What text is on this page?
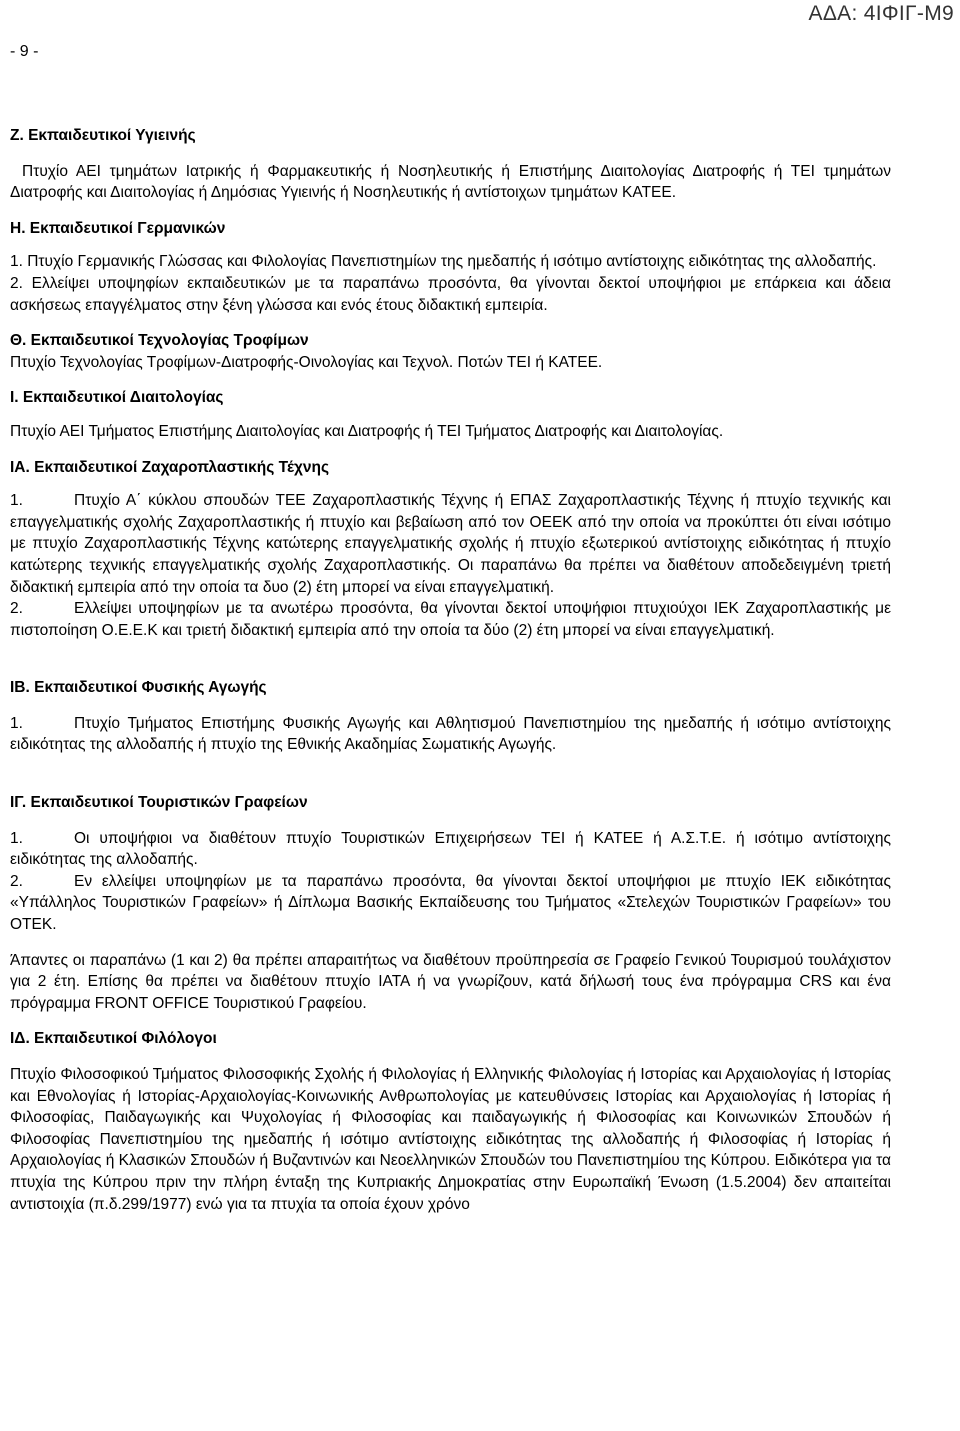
ΑΔΑ: 4ΙΦΙΓ-Μ9
- 9 -

Ζ. Εκπαιδευτικοί Υγιεινής

Πτυχίο ΑΕΙ τμημάτων Ιατρικής ή Φαρμακευτικής ή Νοσηλευτικής ή Επιστήμης Διαιτολογίας Διατροφής ή ΤΕΙ τμημάτων Διατροφής και Διαιτολογίας ή Δημόσιας Υγιεινής ή Νοσηλευτικής ή αντίστοιχων τμημάτων ΚΑΤΕΕ.

Η. Εκπαιδευτικοί Γερμανικών

1. Πτυχίο Γερμανικής Γλώσσας και Φιλολογίας Πανεπιστημίων της ημεδαπής ή ισότιμο αντίστοιχης ειδικότητας της αλλοδαπής.

2. Ελλείψει υποψηφίων εκπαιδευτικών με τα παραπάνω προσόντα, θα γίνονται δεκτοί υποψήφιοι με επάρκεια και άδεια ασκήσεως επαγγέλματος στην ξένη γλώσσα και ενός έτους διδακτική εμπειρία.

Θ. Εκπαιδευτικοί Τεχνολογίας Τροφίμων

Πτυχίο Τεχνολογίας Τροφίμων-Διατροφής-Οινολογίας και Τεχνολ. Ποτών ΤΕΙ ή ΚΑΤΕΕ.

Ι. Εκπαιδευτικοί Διαιτολογίας

Πτυχίο ΑΕΙ Τμήματος Επιστήμης Διαιτολογίας και Διατροφής ή ΤΕΙ Τμήματος Διατροφής και Διαιτολογίας.

ΙΑ. Εκπαιδευτικοί Ζαχαροπλαστικής Τέχνης

1.	Πτυχίο Α΄ κύκλου σπουδών ΤΕΕ Ζαχαροπλαστικής Τέχνης ή ΕΠΑΣ Ζαχαροπλαστικής Τέχνης ή πτυχίο τεχνικής και επαγγελματικής σχολής Ζαχαροπλαστικής ή πτυχίο και βεβαίωση από τον ΟΕΕΚ από την οποία να προκύπτει ότι είναι ισότιμο με πτυχίο Ζαχαροπλαστικής Τέχνης κατώτερης επαγγελματικής σχολής ή πτυχίο εξωτερικού αντίστοιχης ειδικότητας ή πτυχίο κατώτερης τεχνικής επαγγελματικής σχολής Ζαχαροπλαστικής. Οι παραπάνω θα πρέπει να διαθέτουν αποδεδειγμένη τριετή διδακτική εμπειρία από την οποία τα δυο (2) έτη μπορεί να είναι επαγγελματική.

2.	Ελλείψει υποψηφίων με τα ανωτέρω προσόντα, θα γίνονται δεκτοί υποψήφιοι πτυχιούχοι ΙΕΚ Ζαχαροπλαστικής με πιστοποίηση Ο.Ε.Ε.Κ και τριετή διδακτική εμπειρία από την οποία τα δύο (2) έτη μπορεί να είναι επαγγελματική.

ΙΒ. Εκπαιδευτικοί Φυσικής Αγωγής

1.	Πτυχίο Τμήματος Επιστήμης Φυσικής Αγωγής και Αθλητισμού Πανεπιστημίου της ημεδαπής ή ισότιμο αντίστοιχης ειδικότητας της αλλοδαπής ή πτυχίο της Εθνικής Ακαδημίας Σωματικής Αγωγής.

ΙΓ. Εκπαιδευτικοί Τουριστικών Γραφείων

1.	Οι υποψήφιοι να διαθέτουν πτυχίο Τουριστικών Επιχειρήσεων ΤΕΙ ή ΚΑΤΕΕ ή Α.Σ.Τ.Ε. ή ισότιμο αντίστοιχης ειδικότητας της αλλοδαπής.

2.	Εν ελλείψει υποψηφίων με τα παραπάνω προσόντα, θα γίνονται δεκτοί υποψήφιοι με πτυχίο ΙΕΚ ειδικότητας «Υπάλληλος Τουριστικών Γραφείων» ή Δίπλωμα Βασικής Εκπαίδευσης του Τμήματος «Στελεχών Τουριστικών Γραφείων» του ΟΤΕΚ.

Άπαντες οι παραπάνω (1 και 2) θα πρέπει απαραιτήτως να διαθέτουν προϋπηρεσία σε Γραφείο Γενικού Τουρισμού τουλάχιστον για 2 έτη. Επίσης θα πρέπει να διαθέτουν πτυχίο ΙΑΤΑ ή να γνωρίζουν, κατά δήλωσή τους ένα πρόγραμμα CRS και ένα πρόγραμμα FRONT OFFICE Τουριστικού Γραφείου.

ΙΔ. Εκπαιδευτικοί Φιλόλογοι

Πτυχίο Φιλοσοφικού Τμήματος Φιλοσοφικής Σχολής ή Φιλολογίας ή Ελληνικής Φιλολογίας ή Ιστορίας και Αρχαιολογίας ή Ιστορίας και Εθνολογίας ή Ιστορίας-Αρχαιολογίας-Κοινωνικής Ανθρωπολογίας με κατευθύνσεις Ιστορίας και Αρχαιολογίας ή Ιστορίας ή Φιλοσοφίας, Παιδαγωγικής και Ψυχολογίας ή Φιλοσοφίας και παιδαγωγικής ή Φιλοσοφίας και Κοινωνικών Σπουδών ή Φιλοσοφίας Πανεπιστημίου της ημεδαπής ή ισότιμο αντίστοιχης ειδικότητας της αλλοδαπής ή Φιλοσοφίας ή Ιστορίας ή Αρχαιολογίας ή Κλασικών Σπουδών ή Βυζαντινών και Νεοελληνικών Σπουδών του Πανεπιστημίου της Κύπρου. Ειδικότερα για τα πτυχία της Κύπρου πριν την πλήρη ένταξη της Κυπριακής Δημοκρατίας στην Ευρωπαϊκή Ένωση (1.5.2004) δεν απαιτείται αντιστοιχία (π.δ.299/1977) ενώ για τα πτυχία τα οποία έχουν χρόνο
